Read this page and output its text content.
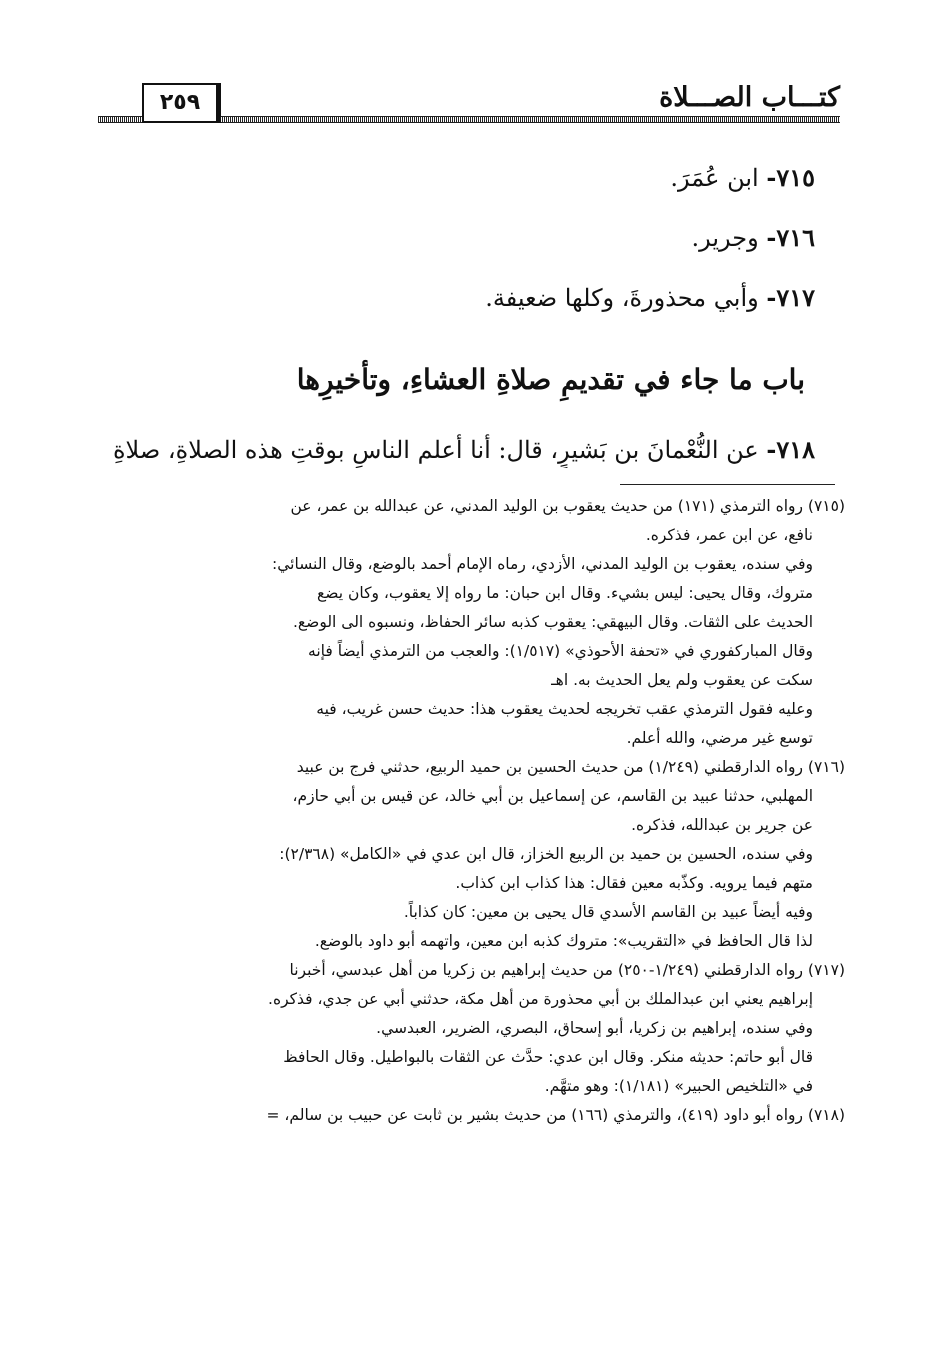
كتـــاب الصـــلاة
٢٥٩
٧١٥- ابن عُمَرَ.
٧١٦- وجرير.
٧١٧- وأبي محذورةَ، وكلها ضعيفة.
باب ما جاء في تقديمِ صلاةِ العشاءِ، وتأخيرِها
٧١٨- عن النُّعْمانَ بن بَشيرٍ، قال: أنا أعلم الناسِ بوقتِ هذه الصلاةِ، صلاةِ
(٧١٥) رواه الترمذي (١٧١) من حديث يعقوب بن الوليد المدني، عن عبدالله بن عمر، عن
نافع، عن ابن عمر، فذكره.
وفي سنده، يعقوب بن الوليد المدني، الأزدي، رماه الإمام أحمد بالوضع، وقال النسائي:
متروك، وقال يحيى: ليس بشيء. وقال ابن حبان: ما رواه إلا يعقوب، وكان يضع
الحديث على الثقات. وقال البيهقي: يعقوب كذبه سائر الحفاظ، ونسبوه الى الوضع.
وقال المباركفوري في «تحفة الأحوذي» (١/٥١٧): والعجب من الترمذي أيضاً فإنه
سكت عن يعقوب ولم يعل الحديث به. اهـ
وعليه فقول الترمذي عقب تخريجه لحديث يعقوب هذا: حديث حسن غريب، فيه
توسع غير مرضي، والله أعلم.
(٧١٦) رواه الدارقطني (١/٢٤٩) من حديث الحسين بن حميد الربيع، حدثني فرج بن عبيد
المهلبي، حدثنا عبيد بن القاسم، عن إسماعيل بن أبي خالد، عن قيس بن أبي حازم،
عن جرير بن عبدالله، فذكره.
وفي سنده، الحسين بن حميد بن الربيع الخزاز، قال ابن عدي في «الكامل» (٢/٣٦٨):
متهم فيما يرويه. وكذّبه معين فقال: هذا كذاب ابن كذاب.
وفيه أيضاً عبيد بن القاسم الأسدي قال يحيى بن معين: كان كذاباً.
لذا قال الحافظ في «التقريب»: متروك كذبه ابن معين، واتهمه أبو داود بالوضع.
(٧١٧) رواه الدارقطني (١/٢٤٩-٢٥٠) من حديث إبراهيم بن زكريا من أهل عبدسي، أخبرنا
إبراهيم يعني ابن عبدالملك بن أبي محذورة من أهل مكة، حدثني أبي عن جدي، فذكره.
وفي سنده، إبراهيم بن زكريا، أبو إسحاق، البصري، الضرير، العبدسي.
قال أبو حاتم: حديثه منكر. وقال ابن عدي: حدَّث عن الثقات بالبواطيل. وقال الحافظ
في «التلخيص الحبير» (١/١٨١): وهو متهَّم.
(٧١٨) رواه أبو داود (٤١٩)، والترمذي (١٦٦) من حديث بشير بن ثابت عن حبيب بن سالم، =
